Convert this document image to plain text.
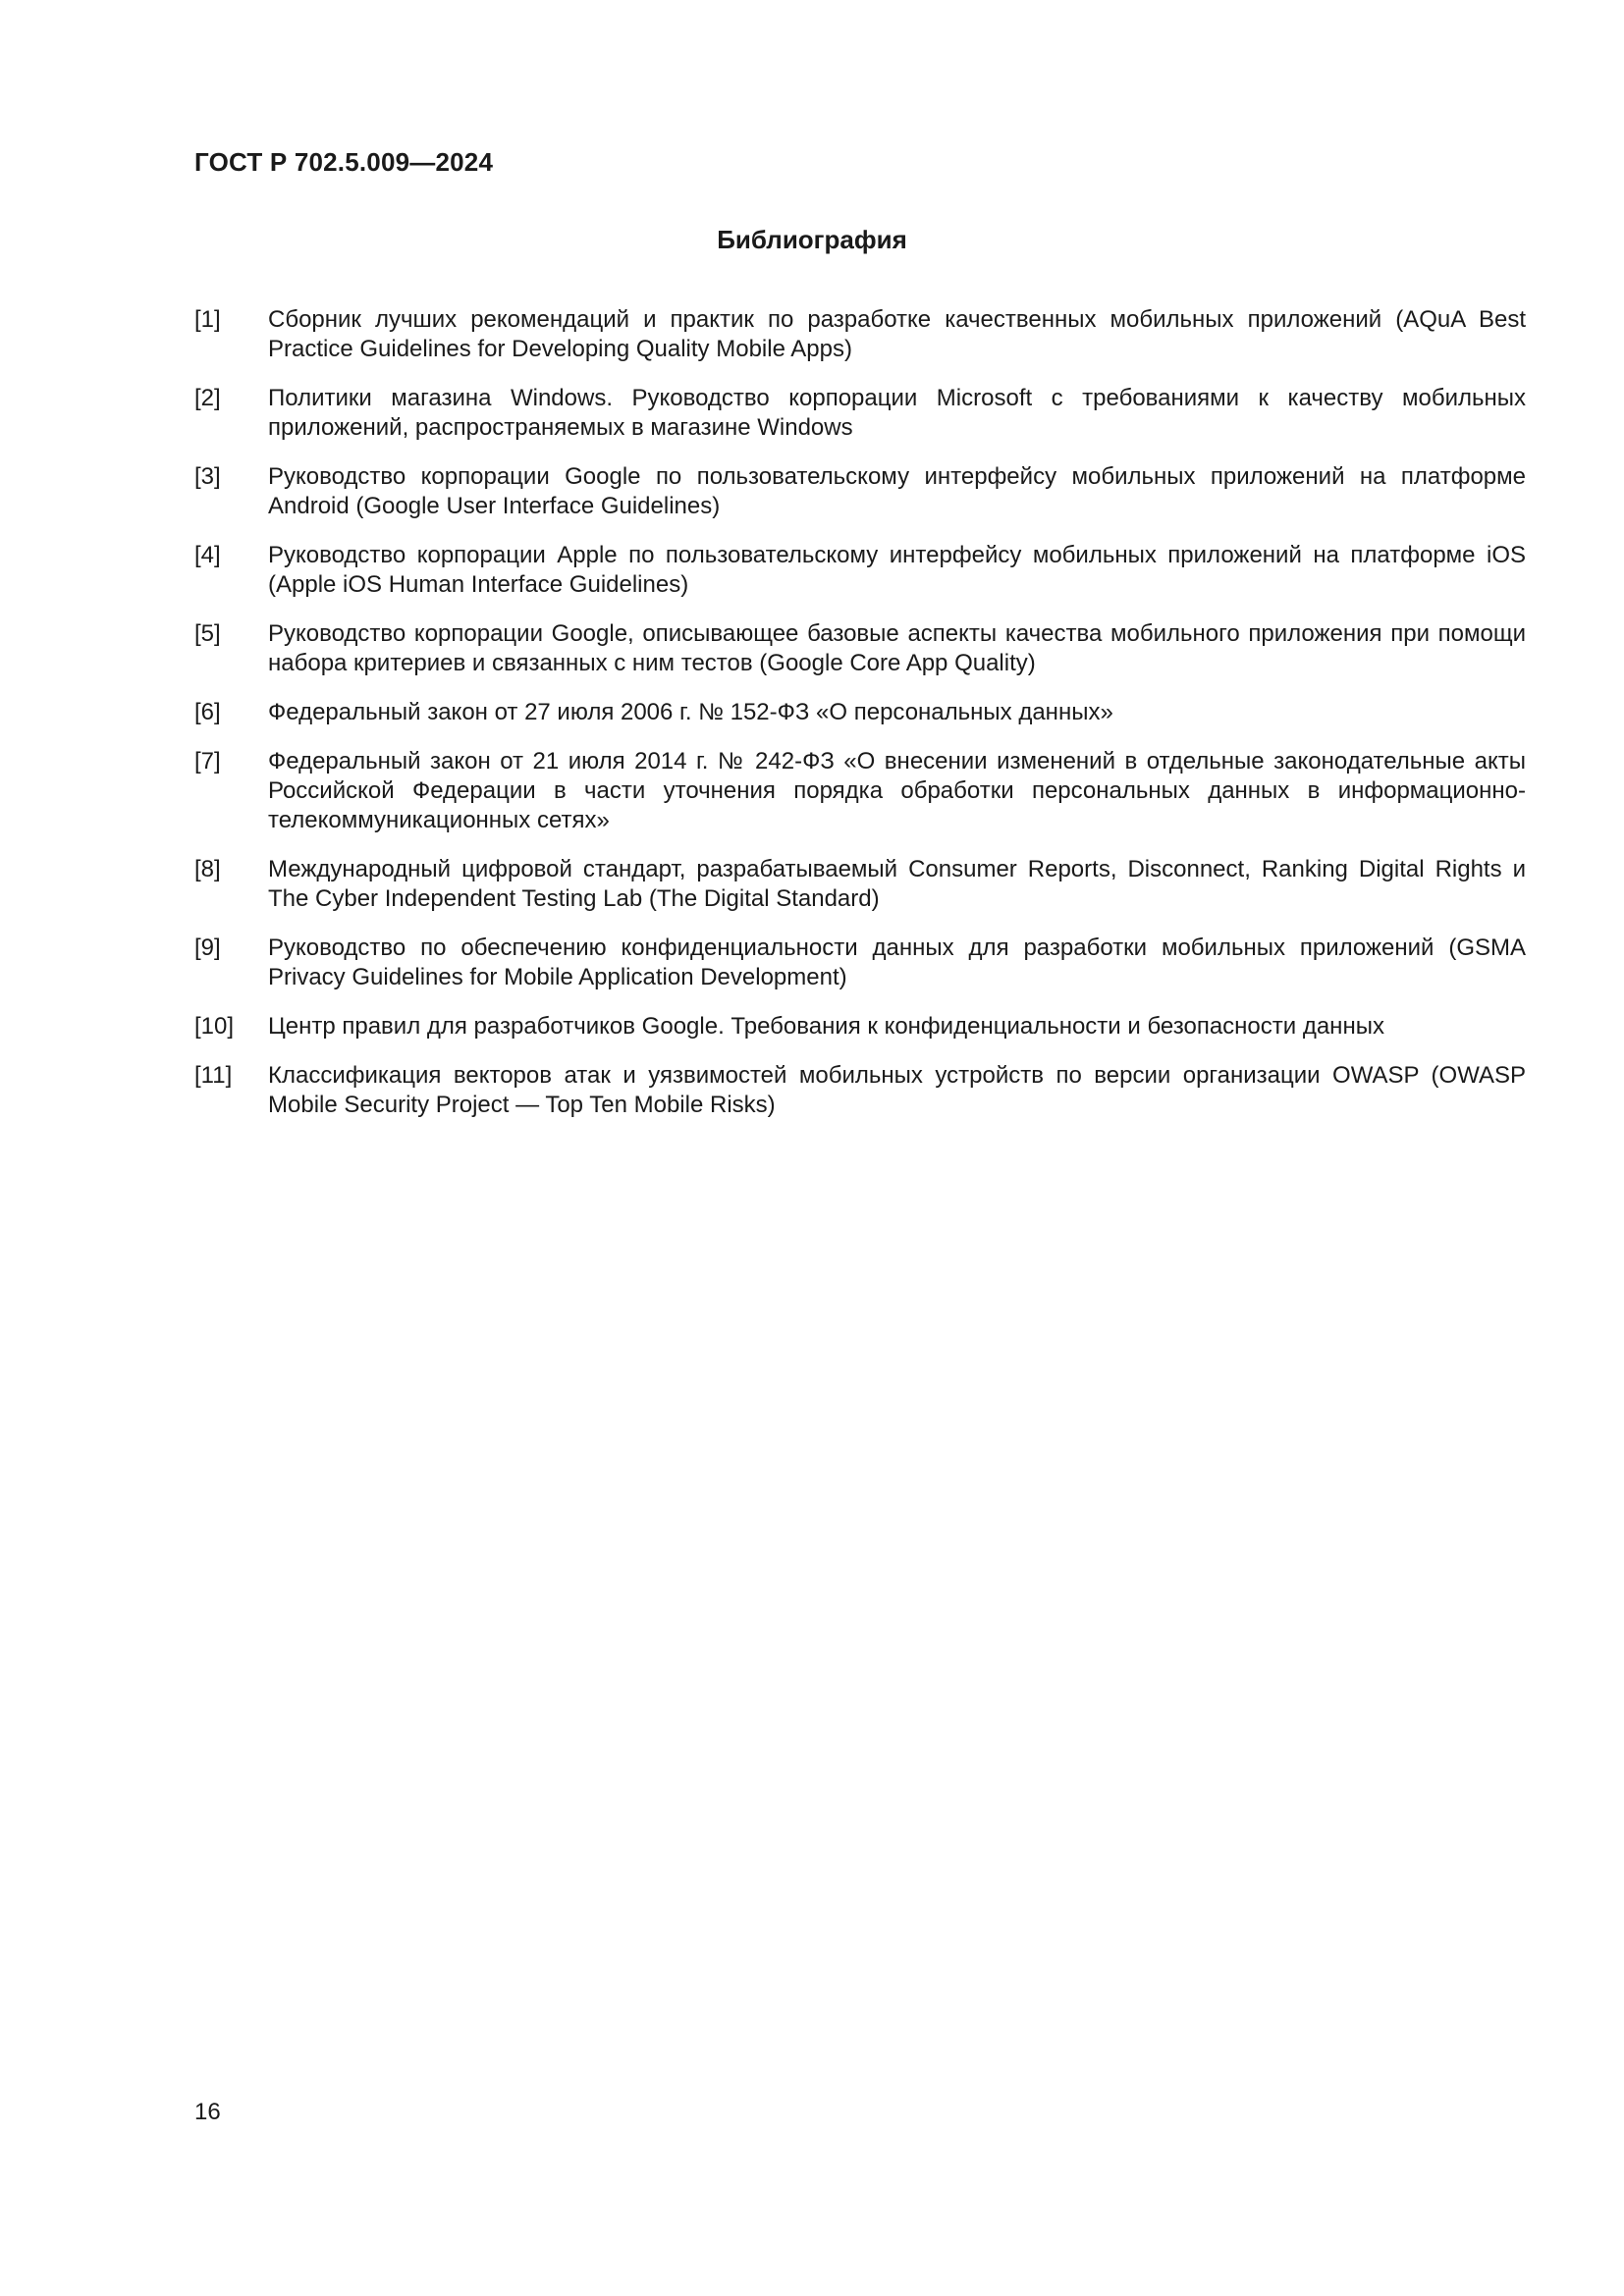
ГОСТ Р 702.5.009—2024

Библиография
[1]	Сборник лучших рекомендаций и практик по разработке качественных мобильных приложений (AQuA Best Practice Guidelines for Developing Quality Mobile Apps)
[2]	Политики магазина Windows. Руководство корпорации Microsoft с требованиями к качеству мобильных приложений, распространяемых в магазине Windows
[3]	Руководство корпорации Google по пользовательскому интерфейсу мобильных приложений на платформе Android (Google User Interface Guidelines)
[4]	Руководство корпорации Apple по пользовательскому интерфейсу мобильных приложений на платформе iOS (Apple iOS Human Interface Guidelines)
[5]	Руководство корпорации Google, описывающее базовые аспекты качества мобильного приложения при помощи набора критериев и связанных с ним тестов (Google Core App Quality)
[6]	Федеральный закон от 27 июля 2006 г. № 152-ФЗ «О персональных данных»
[7]	Федеральный закон от 21 июля 2014 г. № 242-ФЗ «О внесении изменений в отдельные законодательные акты Российской Федерации в части уточнения порядка обработки персональных данных в информационно-телекоммуникационных сетях»
[8]	Международный цифровой стандарт, разрабатываемый Consumer Reports, Disconnect, Ranking Digital Rights и The Cyber Independent Testing Lab (The Digital Standard)
[9]	Руководство по обеспечению конфиденциальности данных для разработки мобильных приложений (GSMA Privacy Guidelines for Mobile Application Development)
[10]	Центр правил для разработчиков Google. Требования к конфиденциальности и безопасности данных
[11]	Классификация векторов атак и уязвимостей мобильных устройств по версии организации OWASP (OWASP Mobile Security Project — Top Ten Mobile Risks)

16
